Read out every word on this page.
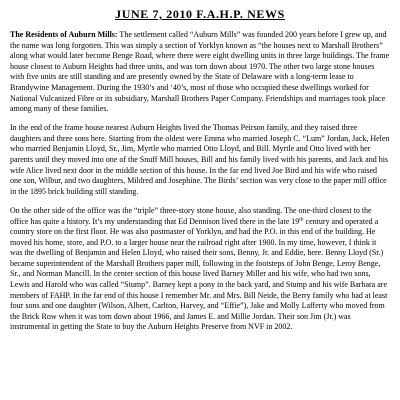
JUNE 7, 2010 F.A.H.P. NEWS
The Residents of Auburn Mills: The settlement called “Auburn Mills” was founded 200 years before I grew up, and the name was long forgotten. This was simply a section of Yorklyn known as “the houses next to Marshall Brothers” along what would later become Benge Road, where there were eight dwelling units in three large buildings. The frame house closest to Auburn Heights had three units, and was torn down about 1970. The other two large stone houses with five units are still standing and are presently owned by the State of Delaware with a long-term lease to Brandywine Management. During the 1930’s and ‘40’s, most of those who occupied these dwellings worked for National Vulcanized Fibre or its subsidiary, Marshall Brothers Paper Company. Friendships and marriages took place among many of these families.
In the end of the frame house nearest Auburn Heights lived the Thomas Peirson family, and they raised three daughters and three sons here. Starting from the oldest were Emma who married Joseph C. “Lum” Jordan, Jack, Helen who married Benjamin Lloyd, Sr., Jim, Myrtle who married Otto Lloyd, and Bill. Myrtle and Otto lived with her parents until they moved into one of the Snuff Mill houses, Bill and his family lived with his parents, and Jack and his wife Alice lived next door in the middle section of this house. In the far end lived Joe Bird and his wife who raised one son, Wilbur, and two daughters, Mildred and Josephine. The Birds’ section was very close to the paper mill office in the 1895 brick building still standing.
On the other side of the office was the “triple” three-story stone house, also standing. The one-third closest to the office has quite a history. It’s my understanding that Ed Dennison lived there in the late 19th century and operated a country store on the first floor. He was also postmaster of Yorklyn, and had the P.O. in this end of the building. He moved his home, store, and P.O. to a larger house near the railroad right after 1900. In my time, however, I think it was the dwelling of Benjamin and Helen Lloyd, who raised their sons, Benny, Jr. and Eddie, here. Benny Lloyd (Sr.) became superintendent of the Marshall Brothers paper mill, following in the footsteps of John Benge, Leroy Benge, Sr., and Norman Mancill. In the center section of this house lived Barney Miller and his wife, who had two sons, Lewis and Harold who was called “Stump”. Barney kept a pony in the back yard, and Stump and his wife Barbara are members of FAHP. In the far end of this house I remember Mr. and Mrs. Bill Neide, the Berry family who had at least four sons and one daughter (Wilson, Albert, Carlton, Harvey, and “Effie”), Jake and Molly Lafferty who moved from the Brick Row when it was torn down about 1966, and James E. and Millie Jordan. Their son Jim (Jr.) was instrumental in getting the State to buy the Auburn Heights Preserve from NVF in 2002.
